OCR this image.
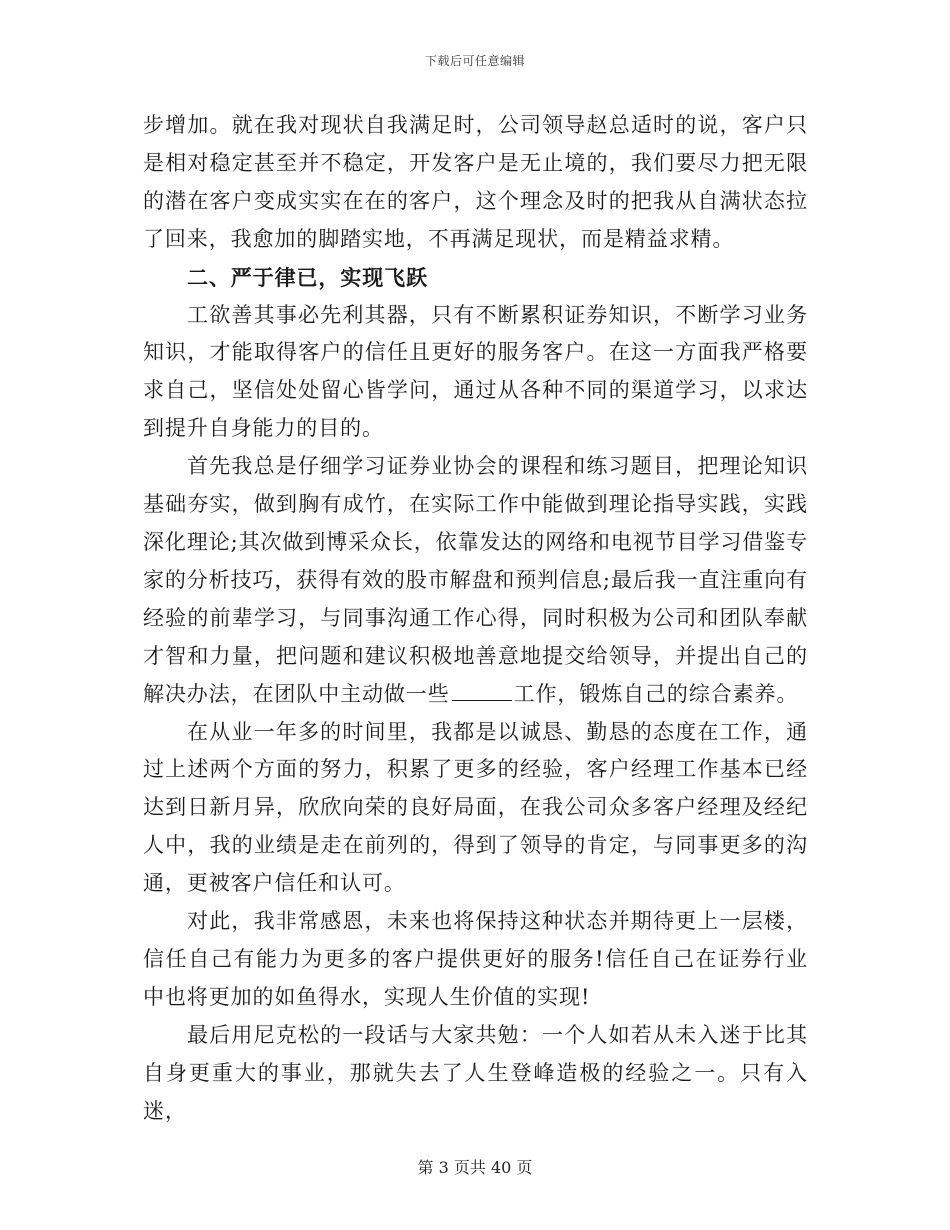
下载后可任意编辑

步增加。就在我对现状自我满足时，公司领导赵总适时的说，客户只是相对稳定甚至并不稳定，开发客户是无止境的，我们要尽力把无限的潜在客户变成实实在在的客户，这个理念及时的把我从自满状态拉了回来，我愈加的脚踏实地，不再满足现状，而是精益求精。

二、严于律已，实现飞跃

工欲善其事必先利其器，只有不断累积证券知识，不断学习业务知识，才能取得客户的信任且更好的服务客户。在这一方面我严格要求自己，坚信处处留心皆学问，通过从各种不同的渠道学习，以求达到提升自身能力的目的。

首先我总是仔细学习证券业协会的课程和练习题目，把理论知识基础夯实，做到胸有成竹，在实际工作中能做到理论指导实践，实践深化理论;其次做到博采众长，依靠发达的网络和电视节目学习借鉴专家的分析技巧，获得有效的股市解盘和预判信息;最后我一直注重向有经验的前辈学习，与同事沟通工作心得，同时积极为公司和团队奉献才智和力量，把问题和建议积极地善意地提交给领导，并提出自己的解决办法，在团队中主动做一些	工作，锻炼自己的综合素养。

在从业一年多的时间里，我都是以诚恳、勤恳的态度在工作，通过上述两个方面的努力，积累了更多的经验，客户经理工作基本已经达到日新月异，欣欣向荣的良好局面，在我公司众多客户经理及经纪人中，我的业绩是走在前列的，得到了领导的肯定，与同事更多的沟通，更被客户信任和认可。

对此，我非常感恩，未来也将保持这种状态并期待更上一层楼，信任自己有能力为更多的客户提供更好的服务!信任自己在证券行业中也将更加的如鱼得水，实现人生价值的实现!

最后用尼克松的一段话与大家共勉：一个人如若从未入迷于比其自身更重大的事业，那就失去了人生登峰造极的经验之一。只有入迷，

第 3 页共 40 页
